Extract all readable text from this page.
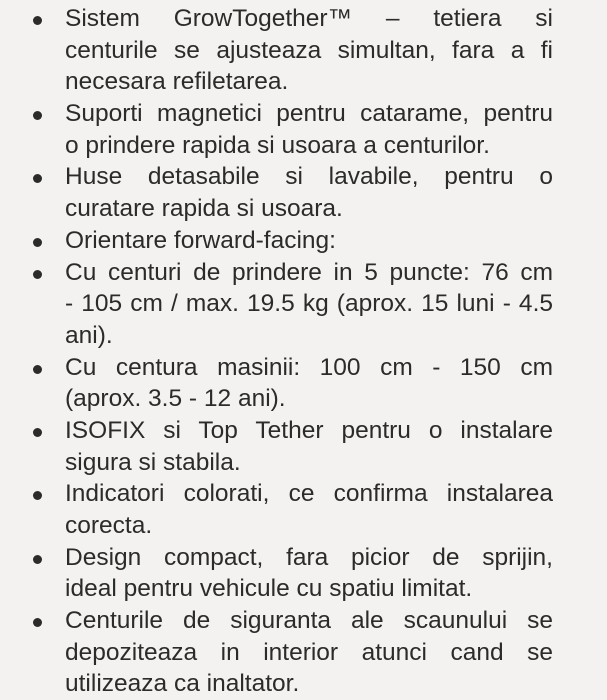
Sistem GrowTogether™ – tetiera si
centurile se ajusteaza simultan, fara a fi
necesara refiletarea.
Suporti magnetici pentru catarame, pentru
o prindere rapida si usoara a centurilor.
Huse detasabile si lavabile, pentru o
curatare rapida si usoara.
Orientare forward-facing:
Cu centuri de prindere in 5 puncte: 76 cm
- 105 cm / max. 19.5 kg (aprox. 15 luni - 4.5
ani).
Cu centura masinii: 100 cm - 150 cm
(aprox. 3.5 - 12 ani).
ISOFIX si Top Tether pentru o instalare
sigura si stabila.
Indicatori colorati, ce confirma instalarea
corecta.
Design compact, fara picior de sprijin,
ideal pentru vehicule cu spatiu limitat.
Centurile de siguranta ale scaunului se
depoziteaza in interior atunci cand se
utilizeaza ca inaltator.
